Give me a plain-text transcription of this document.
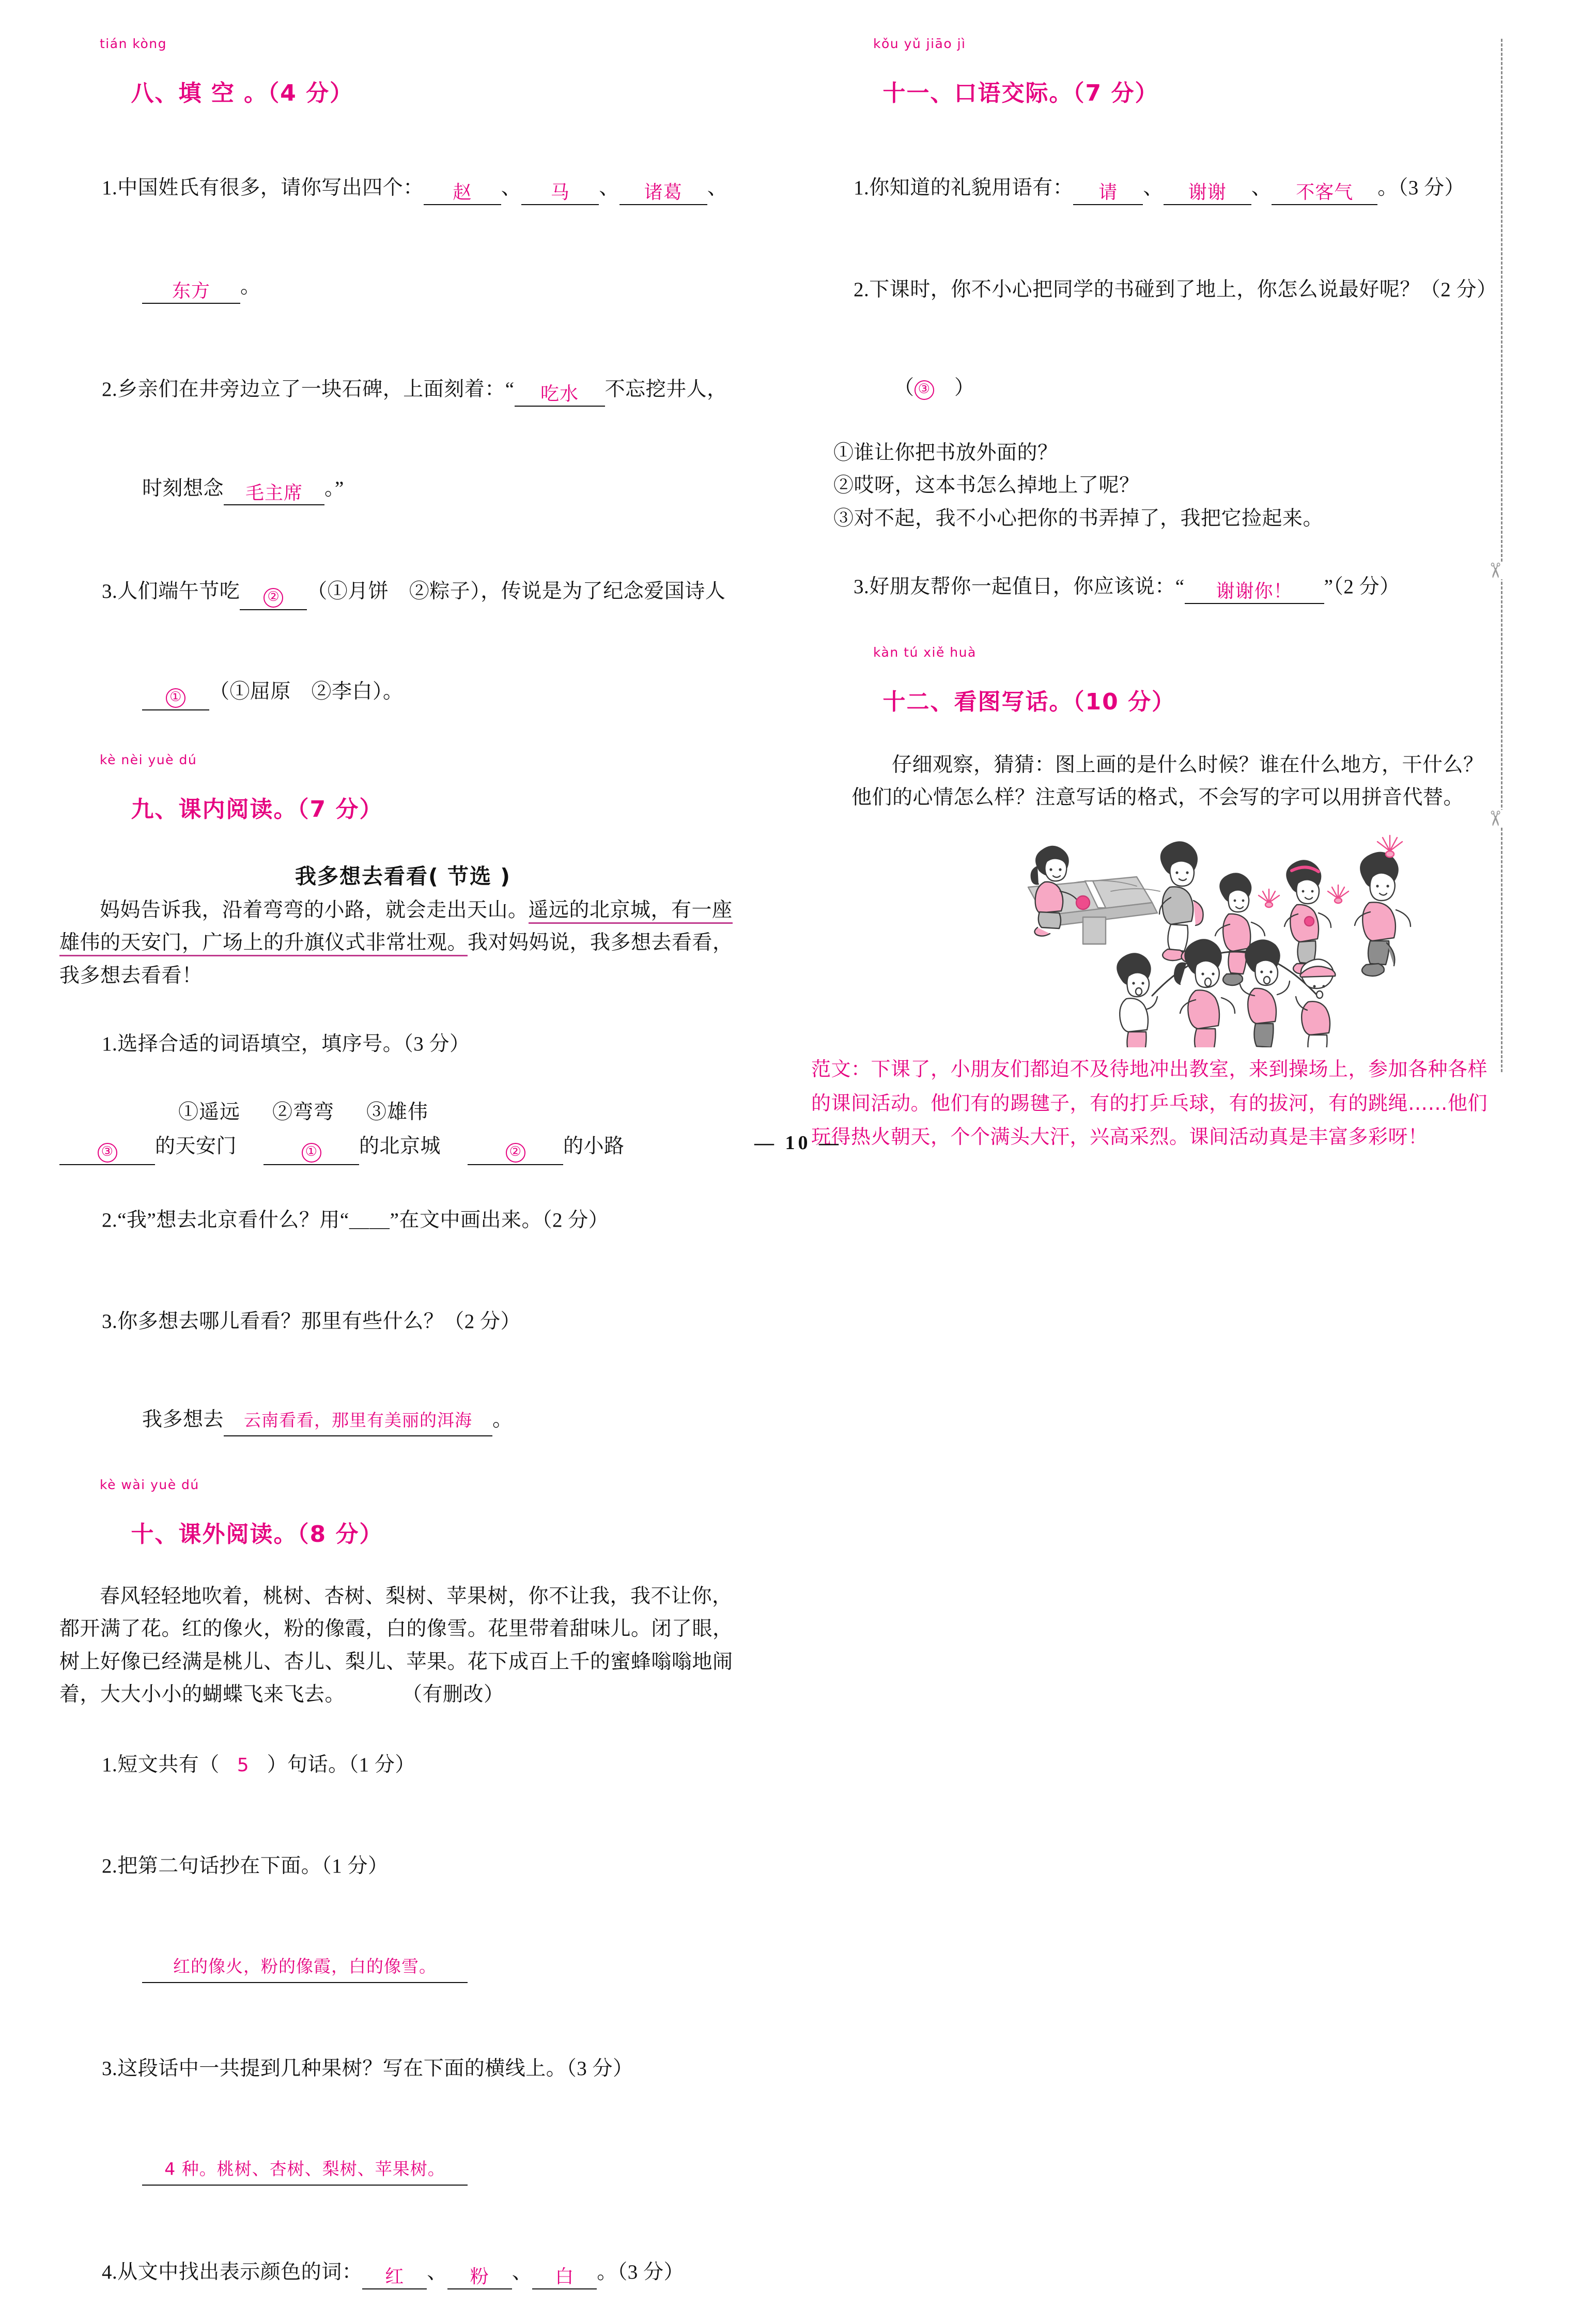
tián kòng

八、填 空 。（4 分）

1.中国姓氏有很多，请你写出四个： 赵 、 马 、 诸葛 、

东方 。

2.乡亲们在井旁边立了一块石碑，上面刻着：“ 吃水 不忘挖井人，

时刻想念 毛主席 。”

3.人们端午节吃 ② （①月饼　②粽子），传说是为了纪念爱国诗人

① （①屈原　②李白）。

kè nèi yuè dú

九、课内阅读。（7 分）

我多想去看看( 节选 )
妈妈告诉我，沿着弯弯的小路，就会走出天山。遥远的北京城，有一座雄伟的天安门，广场上的升旗仪式非常壮观。我对妈妈说，我多想去看看，我多想去看看！

1.选择合适的词语填空，填序号。（3 分）

①遥远 ②弯弯 ③雄伟
③ 的天安门	① 的北京城	② 的小路

2.“我”想去北京看什么？用“＿＿”在文中画出来。（2 分）

3.你多想去哪儿看看？那里有些什么？（2 分）

我多想去 云南看看，那里有美丽的洱海 。

kè wài yuè dú

十、课外阅读。（8 分）

春风轻轻地吹着，桃树、杏树、梨树、苹果树，你不让我，我不让你，都开满了花。红的像火，粉的像霞，白的像雪。花里带着甜味儿。闭了眼，树上好像已经满是桃儿、杏儿、梨儿、苹果。花下成百上千的蜜蜂嗡嗡地闹着，大大小小的蝴蝶飞来飞去。	（有删改）

1.短文共有（ 5 ）句话。（1 分）

2.把第二句话抄在下面。（1 分）

红的像火，粉的像霞，白的像雪。

3.这段话中一共提到几种果树？写在下面的横线上。（3 分）

4 种。桃树、杏树、梨树、苹果树。

4.从文中找出表示颜色的词： 红 、 粉 、 白 。（3 分）

kǒu yǔ jiāo jì

十一、口语交际。（7 分）

1.你知道的礼貌用语有： 请 、 谢谢 、 不客气 。（3 分）

2.下课时，你不小心把同学的书碰到了地上，你怎么说最好呢？（2 分）

（ ③　）

①谁让你把书放外面的？
②哎呀，这本书怎么掉地上了呢？
③对不起，我不小心把你的书弄掉了，我把它捡起来。

3.好朋友帮你一起值日，你应该说：“ 谢谢你！ ”（2 分）

kàn tú xiě huà

十二、看图写话。（10 分）

仔细观察，猜猜：图上画的是什么时候？谁在什么地方，干什么？他们的心情怎么样？注意写话的格式，不会写的字可以用拼音代替。
范文：下课了，小朋友们都迫不及待地冲出教室，来到操场上，参加各种各样的课间活动。他们有的踢毽子，有的打乒乓球，有的拔河，有的跳绳……他们玩得热火朝天，个个满头大汗，兴高采烈。课间活动真是丰富多彩呀！
✂
✂
— 10 —
